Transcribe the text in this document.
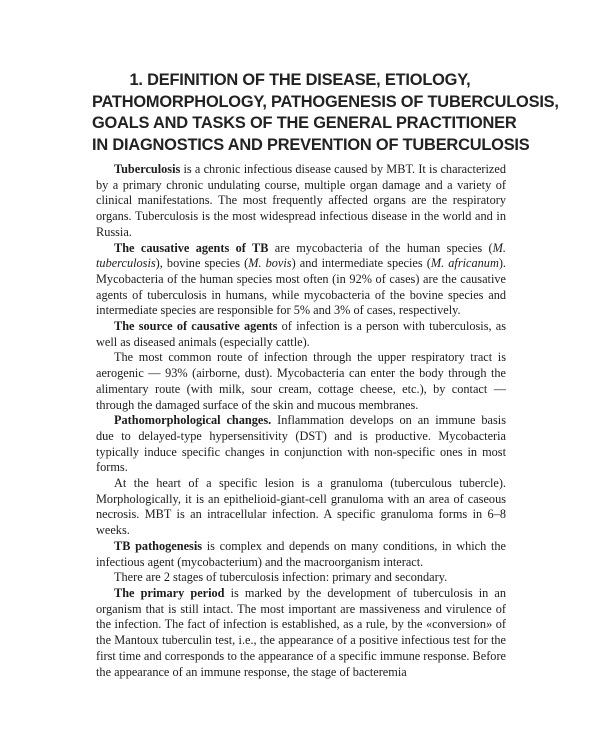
1. DEFINITION OF THE DISEASE, ETIOLOGY,
PATHOMORPHOLOGY, PATHOGENESIS OF TUBERCULOSIS,
GOALS AND TASKS OF THE GENERAL PRACTITIONER
IN DIAGNOSTICS AND PREVENTION OF TUBERCULOSIS

Tuberculosis is a chronic infectious disease caused by MBT. It is characterized by a primary chronic undulating course, multiple organ damage and a variety of clinical manifestations. The most frequently affected organs are the respiratory organs. Tuberculosis is the most widespread infectious disease in the world and in Russia.

The causative agents of TB are mycobacteria of the human species (M. tuberculosis), bovine species (M. bovis) and intermediate species (M. аfricanum). Mycobacteria of the human species most often (in 92% of cases) are the causative agents of tuberculosis in humans, while mycobacteria of the bovine species and intermediate species are responsible for 5% and 3% of cases, respectively.

The source of causative agents of infection is a person with tuberculosis, as well as diseased animals (especially cattle).

The most common route of infection through the upper respiratory tract is aerogenic — 93% (airborne, dust). Mycobacteria can enter the body through the alimentary route (with milk, sour cream, cottage cheese, etc.), by contact — through the damaged surface of the skin and mucous membranes.

Pathomorphological changes. Inflammation develops on an immune basis due to delayed-type hypersensitivity (DST) and is productive. Mycobacteria typically induce specific changes in conjunction with non-specific ones in most forms.

At the heart of a specific lesion is a granuloma (tuberculous tubercle). Morphologically, it is an epithelioid-giant-cell granuloma with an area of caseous necrosis. MBT is an intracellular infection. A specific granuloma forms in 6–8 weeks.

TB pathogenesis is complex and depends on many conditions, in which the infectious agent (mycobacterium) and the macroorganism interact.

There are 2 stages of tuberculosis infection: primary and secondary.

The primary period is marked by the development of tuberculosis in an organism that is still intact. The most important are massiveness and virulence of the infection. The fact of infection is established, as a rule, by the «conversion» of the Mantoux tuberculin test, i.e., the appearance of a positive infectious test for the first time and corresponds to the appearance of a specific immune response. Before the appearance of an immune response, the stage of bacteremia
